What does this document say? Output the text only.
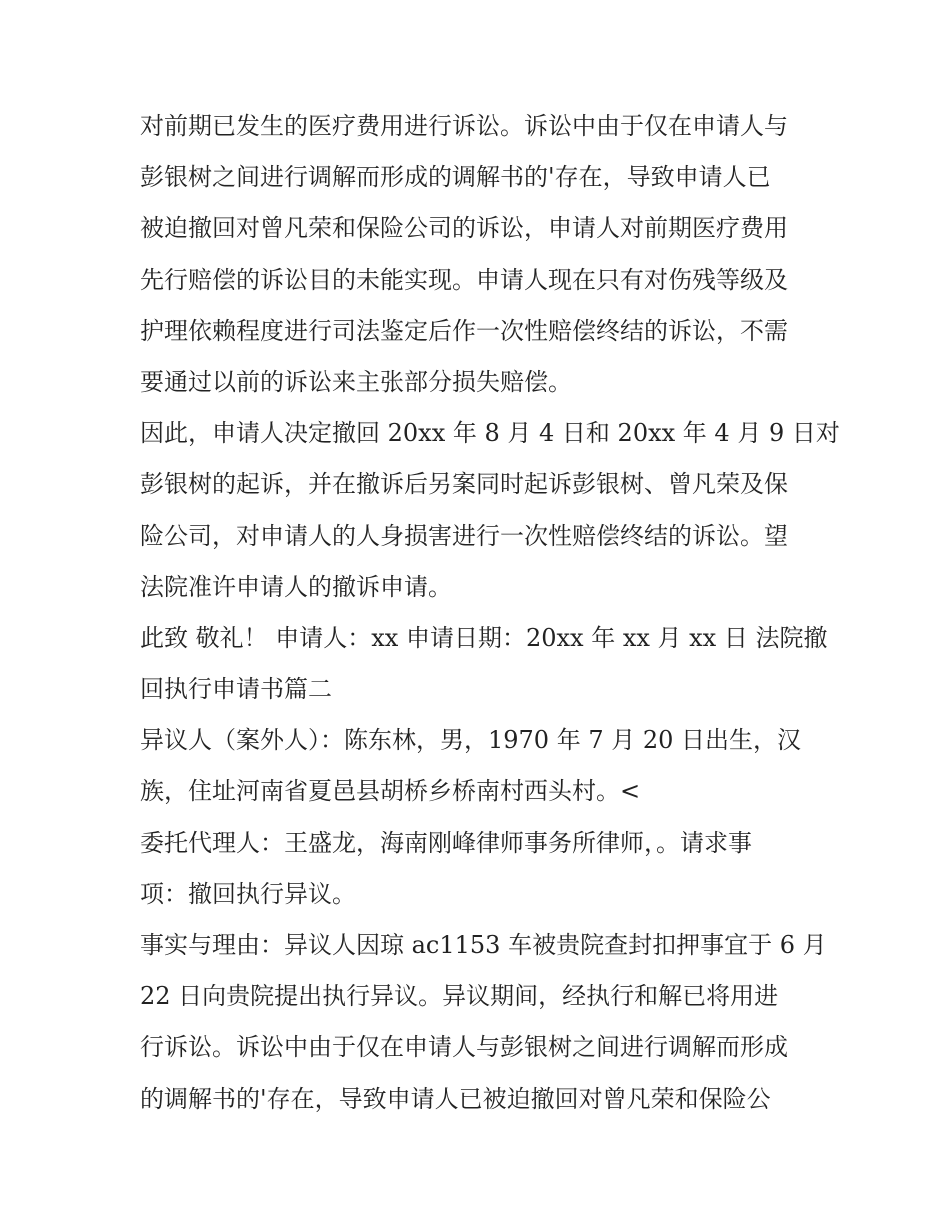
对前期已发生的医疗费用进行诉讼。诉讼中由于仅在申请人与
彭银树之间进行调解而形成的调解书的'存在，导致申请人已
被迫撤回对曾凡荣和保险公司的诉讼，申请人对前期医疗费用
先行赔偿的诉讼目的未能实现。申请人现在只有对伤残等级及
护理依赖程度进行司法鉴定后作一次性赔偿终结的诉讼，不需
要通过以前的诉讼来主张部分损失赔偿。

因此，申请人决定撤回 20xx 年 8 月 4 日和 20xx 年 4 月 9 日对
彭银树的起诉，并在撤诉后另案同时起诉彭银树、曾凡荣及保
险公司，对申请人的人身损害进行一次性赔偿终结的诉讼。望
法院准许申请人的撤诉申请。

此致 敬礼！ 申请人：xx 申请日期：20xx 年 xx 月 xx 日 法院撤
回执行申请书篇二

异议人（案外人）：陈东林，男，1970 年 7 月 20 日出生，汉
族，住址河南省夏邑县胡桥乡桥南村西头村。<

委托代理人：王盛龙，海南刚峰律师事务所律师，。请求事
项：撤回执行异议。

事实与理由：异议人因琼 ac1153 车被贵院查封扣押事宜于 6 月
22 日向贵院提出执行异议。异议期间，经执行和解已将用进
行诉讼。诉讼中由于仅在申请人与彭银树之间进行调解而形成
的调解书的'存在，导致申请人已被迫撤回对曾凡荣和保险公
